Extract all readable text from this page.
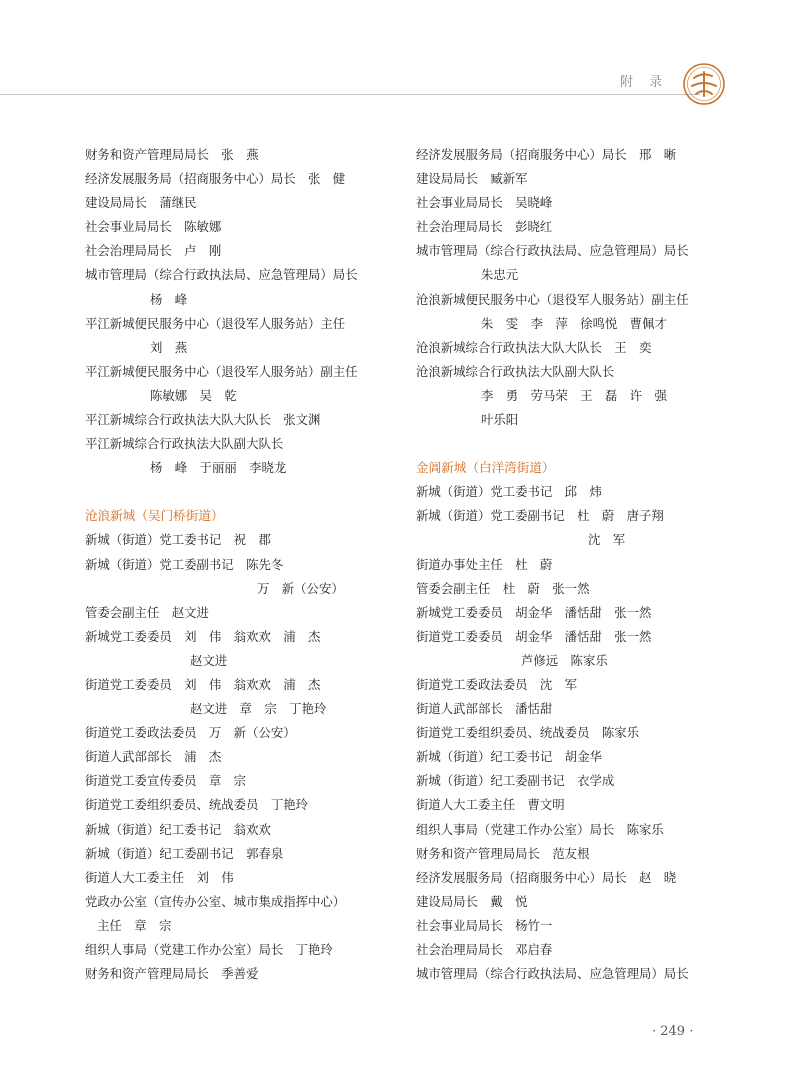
附 录
财务和资产管理局局长　张　燕
经济发展服务局（招商服务中心）局长　张　健
建设局局长　蒲继民
社会事业局局长　陈敏娜
社会治理局局长　卢　刚
城市管理局（综合行政执法局、应急管理局）局长
杨　峰
平江新城便民服务中心（退役军人服务站）主任
刘　燕
平江新城便民服务中心（退役军人服务站）副主任
陈敏娜　吴　乾
平江新城综合行政执法大队大队长　张文渊
平江新城综合行政执法大队副大队长
杨　峰　于丽丽　李晓龙
沧浪新城（吴门桥街道）
新城（街道）党工委书记　祝　郡
新城（街道）党工委副书记　陈先冬
万　新（公安）
管委会副主任　赵文进
新城党工委委员　刘　伟　翁欢欢　浦　杰
赵文进
街道党工委委员　刘　伟　翁欢欢　浦　杰
赵文进　章　宗　丁艳玲
街道党工委政法委员　万　新（公安）
街道人武部部长　浦　杰
街道党工委宣传委员　章　宗
街道党工委组织委员、统战委员　丁艳玲
新城（街道）纪工委书记　翁欢欢
新城（街道）纪工委副书记　郭春泉
街道人大工委主任　刘　伟
党政办公室（宣传办公室、城市集成指挥中心）
主任　章　宗
组织人事局（党建工作办公室）局长　丁艳玲
财务和资产管理局局长　季善爱
经济发展服务局（招商服务中心）局长　邢　晰
建设局局长　臧新军
社会事业局局长　吴晓峰
社会治理局局长　彭晓红
城市管理局（综合行政执法局、应急管理局）局长
朱忠元
沧浪新城便民服务中心（退役军人服务站）副主任
朱　雯　李　萍　徐鸣悦　曹佩才
沧浪新城综合行政执法大队大队长　王　奕
沧浪新城综合行政执法大队副大队长
李　勇　劳马荣　王　磊　许　强
叶乐阳
金阊新城（白洋湾街道）
新城（街道）党工委书记　邱　炜
新城（街道）党工委副书记　杜　蔚　唐子翔
沈　军
街道办事处主任　杜　蔚
管委会副主任　杜　蔚　张一然
新城党工委委员　胡金华　潘恬甜　张一然
街道党工委委员　胡金华　潘恬甜　张一然
芦修远　陈家乐
街道党工委政法委员　沈　军
街道人武部部长　潘恬甜
街道党工委组织委员、统战委员　陈家乐
新城（街道）纪工委书记　胡金华
新城（街道）纪工委副书记　衣学成
街道人大工委主任　曹文明
组织人事局（党建工作办公室）局长　陈家乐
财务和资产管理局局长　范友根
经济发展服务局（招商服务中心）局长　赵　晓
建设局局长　戴　悦
社会事业局局长　杨竹一
社会治理局局长　邓启春
城市管理局（综合行政执法局、应急管理局）局长
· 249 ·
